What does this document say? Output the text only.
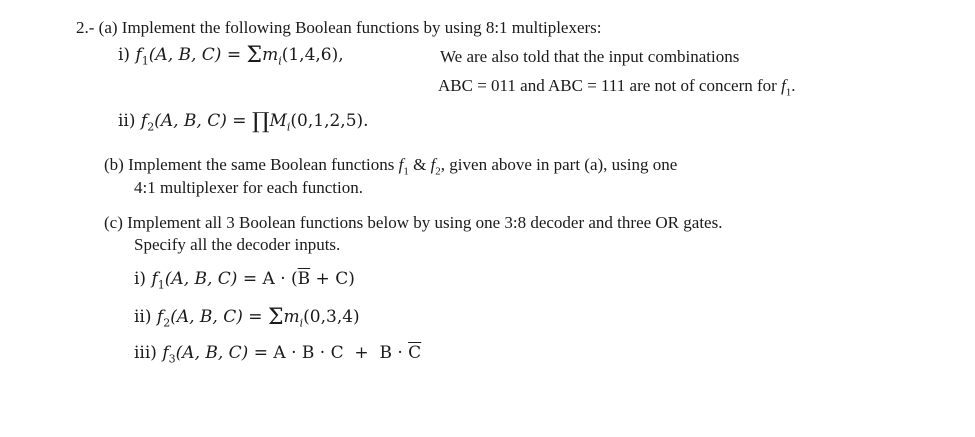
2.- (a) Implement the following Boolean functions by using 8:1 multiplexers:
i) $f_1(A$, B, $C) = \Sigma m_i(1,4,6)$,	We are also told that the input combinations
ABC = 011 and ABC = 111 are not of concern for $f_1$.
ii) $f_2(A$, B, $C) = \prod M_i(0,1,2,5)$.
(b) Implement the same Boolean functions $f_1$ & $f_2$, given above in part (a), using one
4:1 multiplexer for each function.
(c) Implement all 3 Boolean functions below by using one 3:8 decoder and three OR gates.
Specify all the decoder inputs.
i) $f_1(A$, B, $C) = A \cdot (\overline{B} + C)$
ii) $f_2(A$, B, $C) = \Sigma m_i(0,3,4)$
iii) $f_3(A$, B, $C) = A \cdot B \cdot C + B \cdot \overline{C}$
